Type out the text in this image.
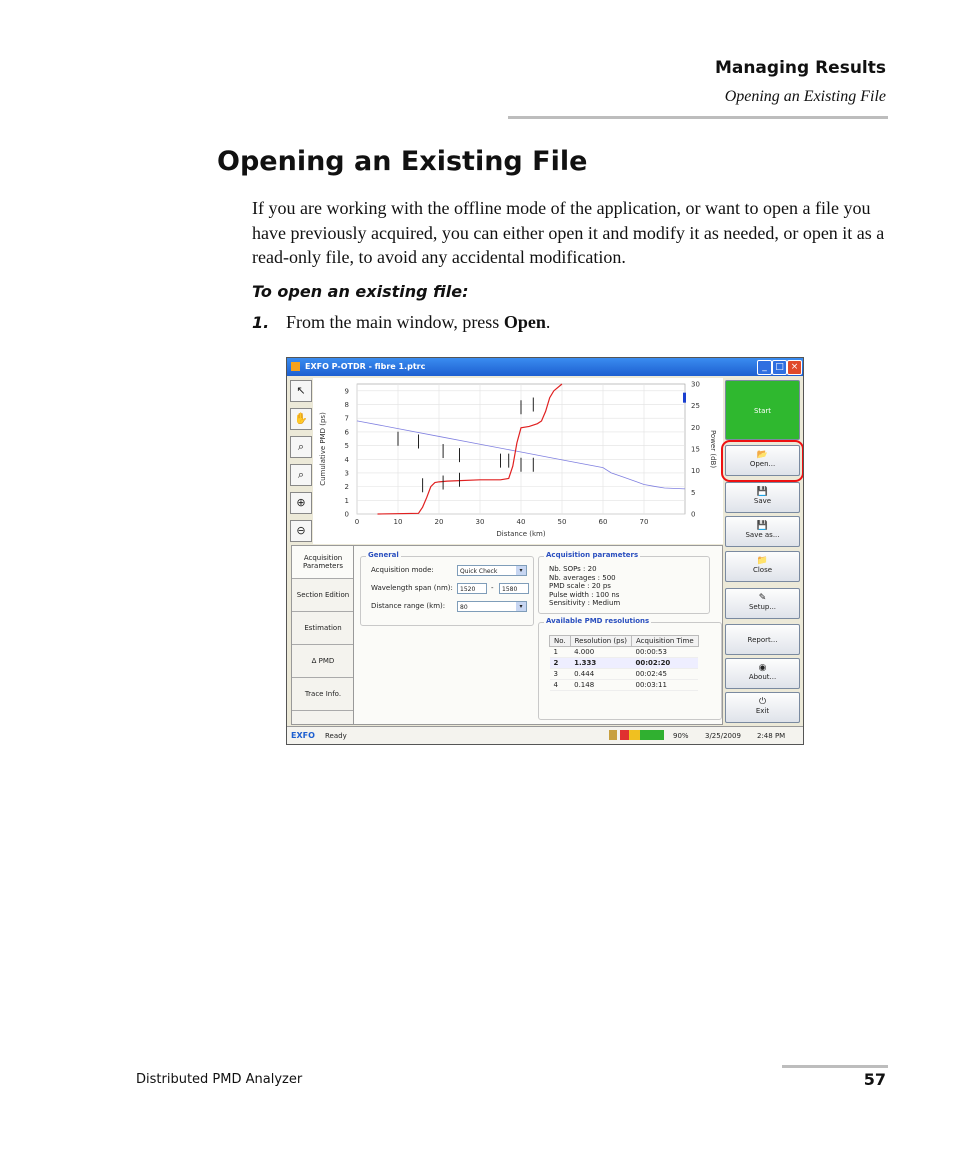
Managing Results
Opening an Existing File
Opening an Existing File
If you are working with the offline mode of the application, or want to open a file you have previously acquired, you can either open it and modify it as needed, or open it as a read-only file, to avoid any accidental modification.
To open an existing file:
1. From the main window, press Open.
EXFO P-OTDR - fibre 1.ptrc	_ □ ×
↖
✋
⌕
⌕
⊕
⊖
0	10	20	30	40	50	60	70
0
1
2
3
4
5
6
7
8
9
0
5
10
15
20
25
30
Distance (km)
Cumulative PMD (ps)	Power (dB)
Start
📂
Open...
💾
Save
💾
Save as...
📁
Close
✎
Setup...
Report...
◉
About...
⏻
Exit
Acquisition Parameters
Section Edition
Estimation
Δ PMD
Trace Info.
General
Acquisition mode:	Quick Check	▾
Wavelength span (nm):	1520	-	1580
Distance range (km):	80	▾
Acquisition parameters
Nb. SOPs : 20
Nb. averages : 500
PMD scale : 20 ps
Pulse width : 100 ns
Sensitivity : Medium
Available PMD resolutions
No.	Resolution (ps)	Acquisition Time
1	4.000	00:00:53
2	1.333	00:02:20
3	0.444	00:02:45
4	0.148	00:03:11
EXFO Ready	90% 3/25/2009 2:48 PM
Distributed PMD Analyzer	57
